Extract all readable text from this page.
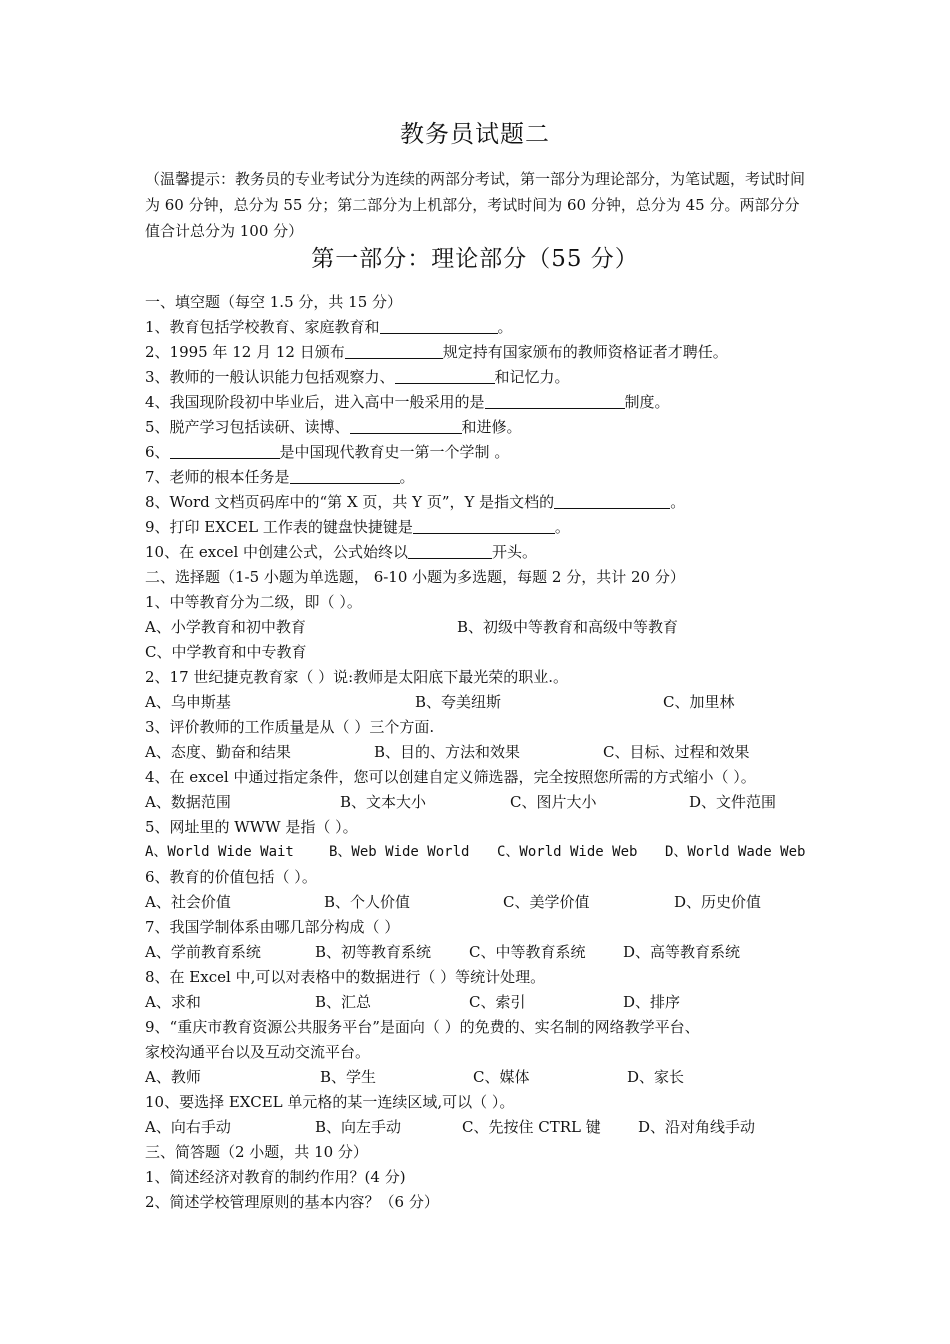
教务员试题二
（温馨提示：教务员的专业考试分为连续的两部分考试，第一部分为理论部分，为笔试题，考试时间为 60 分钟，总分为 55 分；第二部分为上机部分，考试时间为 60 分钟，总分为 45 分。两部分分值合计总分为 100 分）
第一部分：理论部分（55 分）
一、填空题（每空 1.5 分，共 15 分）
1、教育包括学校教育、家庭教育和	。
2、1995 年 12 月 12 日颁布	规定持有国家颁布的教师资格证者才聘任。
3、教师的一般认识能力包括观察力、	和记忆力。
4、我国现阶段初中毕业后，进入高中一般采用的是	制度。
5、脱产学习包括读研、读博、	和进修。
6、	是中国现代教育史一第一个学制 。
7、老师的根本任务是	。
8、Word 文档页码库中的“第 X 页，共 Y 页”，Y 是指文档的	。
9、打印 EXCEL 工作表的键盘快捷键是	。
10、在 excel 中创建公式，公式始终以	开头。
二、选择题（1-5 小题为单选题， 6-10 小题为多选题，每题 2 分，共计 20 分）
1、中等教育分为二级，即（ ）。
A、小学教育和初中教育	B、初级中等教育和高级中等教育
C、中学教育和中专教育
2、17 世纪捷克教育家（ ）说:教师是太阳底下最光荣的职业.。
A、乌申斯基	B、夸美纽斯	C、加里林
3、评价教师的工作质量是从（ ）三个方面.
A、态度、勤奋和结果	B、目的、方法和效果	C、目标、过程和效果
4、在 excel 中通过指定条件，您可以创建自定义筛选器，完全按照您所需的方式缩小（ ）。
A、数据范围	B、文本大小	C、图片大小	D、文件范围
5、网址里的 WWW 是指（ ）。
A、World Wide Wait	B、Web Wide World C、World Wide Web D、World Wade Web
6、教育的价值包括（ ）。
A、社会价值	B、个人价值	C、美学价值	D、历史价值
7、我国学制体系由哪几部分构成（ ）
A、学前教育系统	B、初等教育系统	C、中等教育系统	D、高等教育系统
8、在 Excel 中,可以对表格中的数据进行（ ）等统计处理。
A、求和	B、汇总	C、索引	D、排序
9、“重庆市教育资源公共服务平台”是面向（ ）的免费的、实名制的网络教学平台、
家校沟通平台以及互动交流平台。
A、教师	B、学生	C、媒体	D、家长
10、要选择 EXCEL 单元格的某一连续区域,可以（ ）。
A、向右手动	B、向左手动	C、先按住 CTRL 键 D、沿对角线手动
三、简答题（2 小题，共 10 分）
1、简述经济对教育的制约作用？(4 分)
2、简述学校管理原则的基本内容？（6 分）
